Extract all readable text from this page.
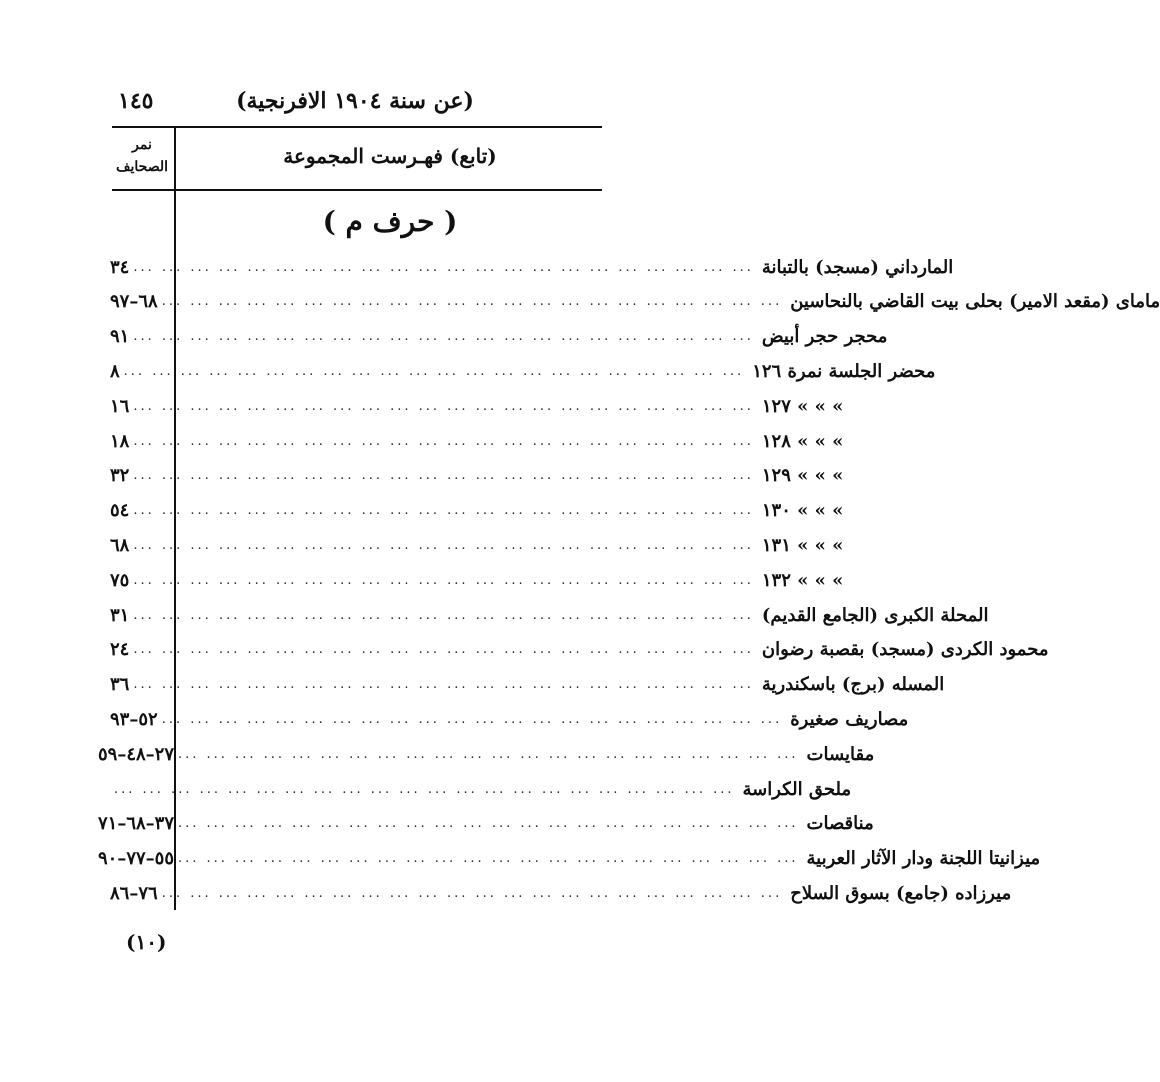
(عن سنة ١٩٠٤ الافرنجية)
١٤٥
نمر
الصحايف	(تابع) فهـرست المجموعة
( حرف م )
٣٤	المارداني (مسجد) بالتبانة
... ... ... ... ... ... ... ... ... ... ... ... ... ... ... ... ... ... ... ... ... ...
٦٨–٩٧	ماماى (مقعد الامير) بحلى بيت القاضي بالنحاسين
... ... ... ... ... ... ... ... ... ... ... ... ... ... ... ... ... ... ... ... ... ...
٩١	محجر حجر أبيض
... ... ... ... ... ... ... ... ... ... ... ... ... ... ... ... ... ... ... ... ... ...
٨	محضر الجلسة نمرة ١٢٦
... ... ... ... ... ... ... ... ... ... ... ... ... ... ... ... ... ... ... ... ... ...
١٦	» » » ١٢٧
... ... ... ... ... ... ... ... ... ... ... ... ... ... ... ... ... ... ... ... ... ...
١٨	» » » ١٢٨
... ... ... ... ... ... ... ... ... ... ... ... ... ... ... ... ... ... ... ... ... ...
٣٢	» » » ١٢٩
... ... ... ... ... ... ... ... ... ... ... ... ... ... ... ... ... ... ... ... ... ...
٥٤	» » » ١٣٠
... ... ... ... ... ... ... ... ... ... ... ... ... ... ... ... ... ... ... ... ... ...
٦٨	» » » ١٣١
... ... ... ... ... ... ... ... ... ... ... ... ... ... ... ... ... ... ... ... ... ...
٧٥	» » » ١٣٢
... ... ... ... ... ... ... ... ... ... ... ... ... ... ... ... ... ... ... ... ... ...
٣١	المحلة الكبرى (الجامع القديم)
... ... ... ... ... ... ... ... ... ... ... ... ... ... ... ... ... ... ... ... ... ...
٢٤	محمود الكردى (مسجد) بقصبة رضوان
... ... ... ... ... ... ... ... ... ... ... ... ... ... ... ... ... ... ... ... ... ...
٣٦	المسله (برج) باسكندرية
... ... ... ... ... ... ... ... ... ... ... ... ... ... ... ... ... ... ... ... ... ...
٥٢–٩٣	مصاريف صغيرة
... ... ... ... ... ... ... ... ... ... ... ... ... ... ... ... ... ... ... ... ... ...
٢٧–٤٨–٥٩	مقايسات
... ... ... ... ... ... ... ... ... ... ... ... ... ... ... ... ... ... ... ... ... ...
ملحق الكراسة
... ... ... ... ... ... ... ... ... ... ... ... ... ... ... ... ... ... ... ... ... ...
٣٧–٦٨–٧١	مناقصات
... ... ... ... ... ... ... ... ... ... ... ... ... ... ... ... ... ... ... ... ... ...
٥٥–٧٧–٩٠	ميزانيتا اللجنة ودار الآثار العربية
... ... ... ... ... ... ... ... ... ... ... ... ... ... ... ... ... ... ... ... ... ...
٧٦–٨٦	ميرزاده (جامع) بسوق السلاح
... ... ... ... ... ... ... ... ... ... ... ... ... ... ... ... ... ... ... ... ... ...
(١٠)
